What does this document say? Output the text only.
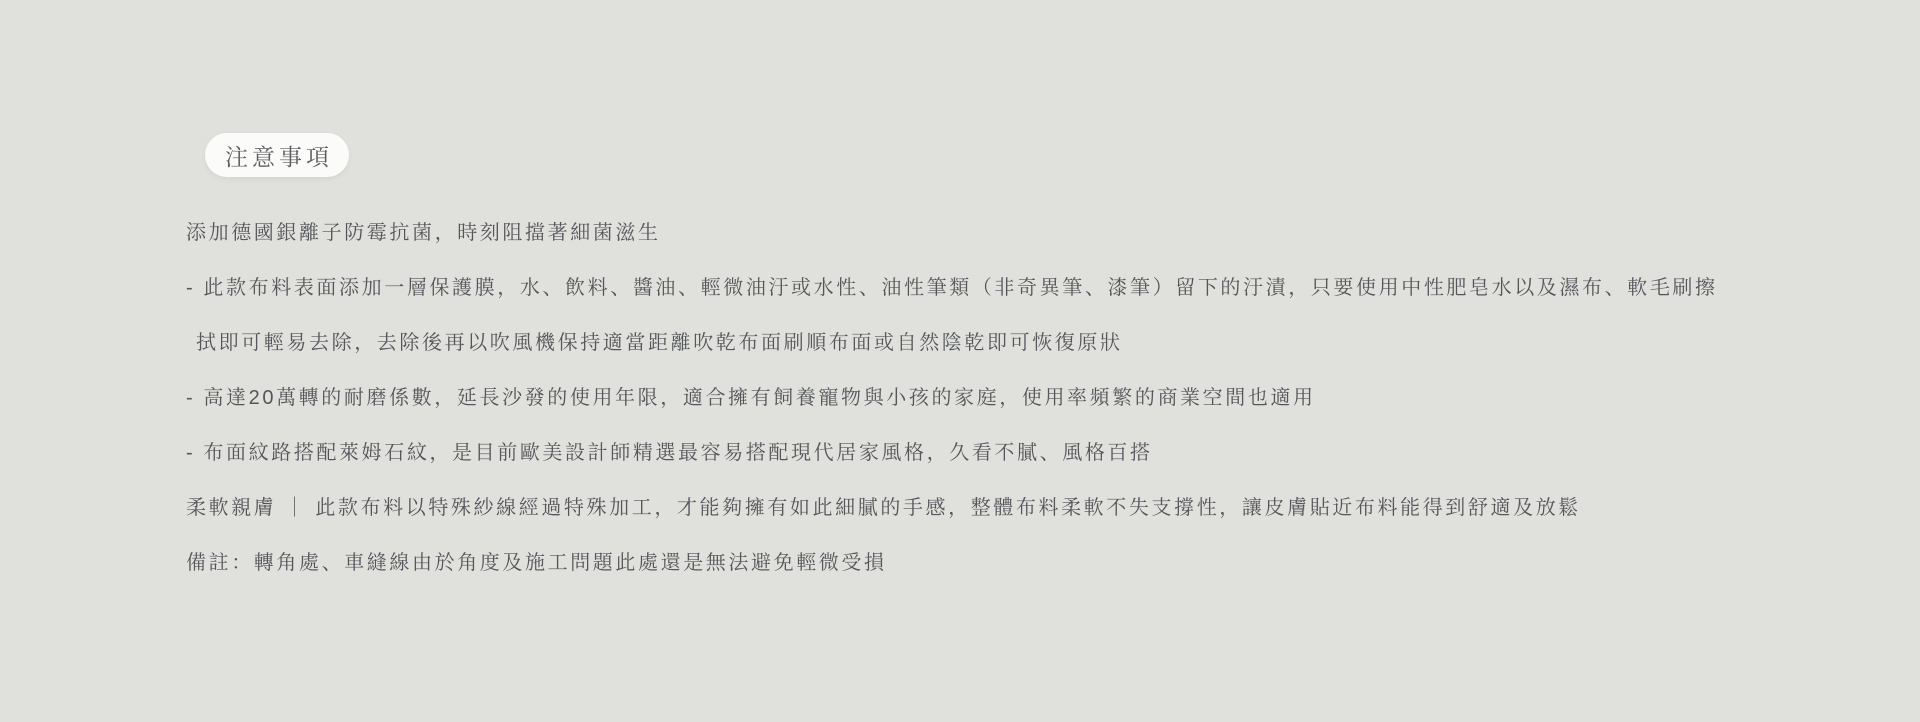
注意事項

添加德國銀離子防霉抗菌，時刻阻擋著細菌滋生

- 此款布料表面添加一層保護膜，水、飲料、醬油、輕微油汙或水性、油性筆類（非奇異筆、漆筆）留下的汙漬，只要使用中性肥皂水以及濕布、軟毛刷擦

拭即可輕易去除，去除後再以吹風機保持適當距離吹乾布面刷順布面或自然陰乾即可恢復原狀

- 高達20萬轉的耐磨係數，延長沙發的使用年限，適合擁有飼養寵物與小孩的家庭，使用率頻繁的商業空間也適用

- 布面紋路搭配萊姆石紋，是目前歐美設計師精選最容易搭配現代居家風格，久看不膩、風格百搭

柔軟親膚 ｜ 此款布料以特殊紗線經過特殊加工，才能夠擁有如此細膩的手感，整體布料柔軟不失支撐性，讓皮膚貼近布料能得到舒適及放鬆

備註：轉角處、車縫線由於角度及施工問題此處還是無法避免輕微受損
